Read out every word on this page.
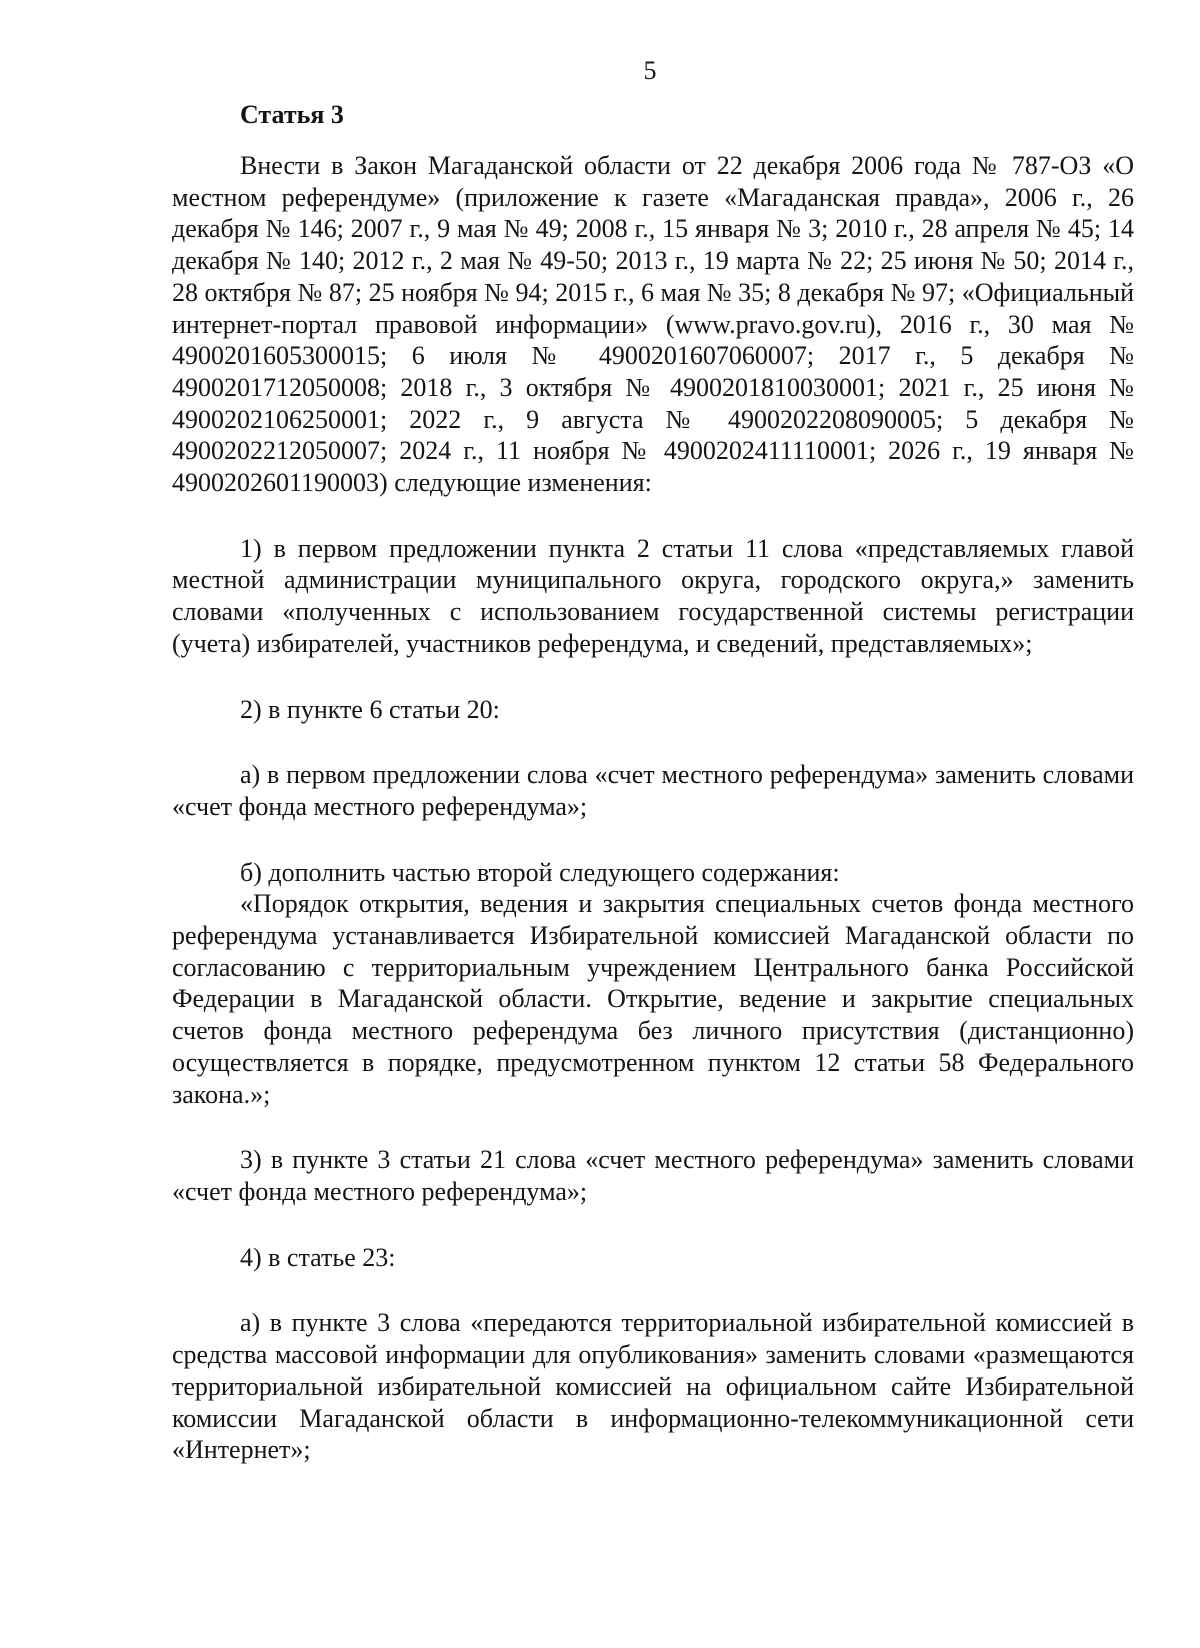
5
Статья 3

Внести в Закон Магаданской области от 22 декабря 2006 года № 787-ОЗ «О местном референдуме» (приложение к газете «Магаданская правда», 2006 г., 26 декабря № 146; 2007 г., 9 мая № 49; 2008 г., 15 января № 3; 2010 г., 28 апреля № 45; 14 декабря № 140; 2012 г., 2 мая № 49-50; 2013 г., 19 марта № 22; 25 июня № 50; 2014 г., 28 октября № 87; 25 ноября № 94; 2015 г., 6 мая № 35; 8 декабря № 97; «Официальный интернет-портал правовой информации» (www.pravo.gov.ru), 2016 г., 30 мая № 4900201605300015; 6 июля № 4900201607060007; 2017 г., 5 декабря № 4900201712050008; 2018 г., 3 октября № 4900201810030001; 2021 г., 25 июня № 4900202106250001; 2022 г., 9 августа № 4900202208090005; 5 декабря № 4900202212050007; 2024 г., 11 ноября № 4900202411110001; 2026 г., 19 января № 4900202601190003) следующие изменения:

1) в первом предложении пункта 2 статьи 11 слова «представляемых главой местной администрации муниципального округа, городского округа,» заменить словами «полученных с использованием государственной системы регистрации (учета) избирателей, участников референдума, и сведений, представляемых»;

2) в пункте 6 статьи 20:

а) в первом предложении слова «счет местного референдума» заменить словами «счет фонда местного референдума»;

б) дополнить частью второй следующего содержания:

«Порядок открытия, ведения и закрытия специальных счетов фонда местного референдума устанавливается Избирательной комиссией Магаданской области по согласованию с территориальным учреждением Центрального банка Российской Федерации в Магаданской области. Открытие, ведение и закрытие специальных счетов фонда местного референдума без личного присутствия (дистанционно) осуществляется в порядке, предусмотренном пунктом 12 статьи 58 Федерального закона.»;

3) в пункте 3 статьи 21 слова «счет местного референдума» заменить словами «счет фонда местного референдума»;

4) в статье 23:

а) в пункте 3 слова «передаются территориальной избирательной комиссией в средства массовой информации для опубликования» заменить словами «размещаются территориальной избирательной комиссией на официальном сайте Избирательной комиссии Магаданской области в информационно-телекоммуникационной сети «Интернет»;
